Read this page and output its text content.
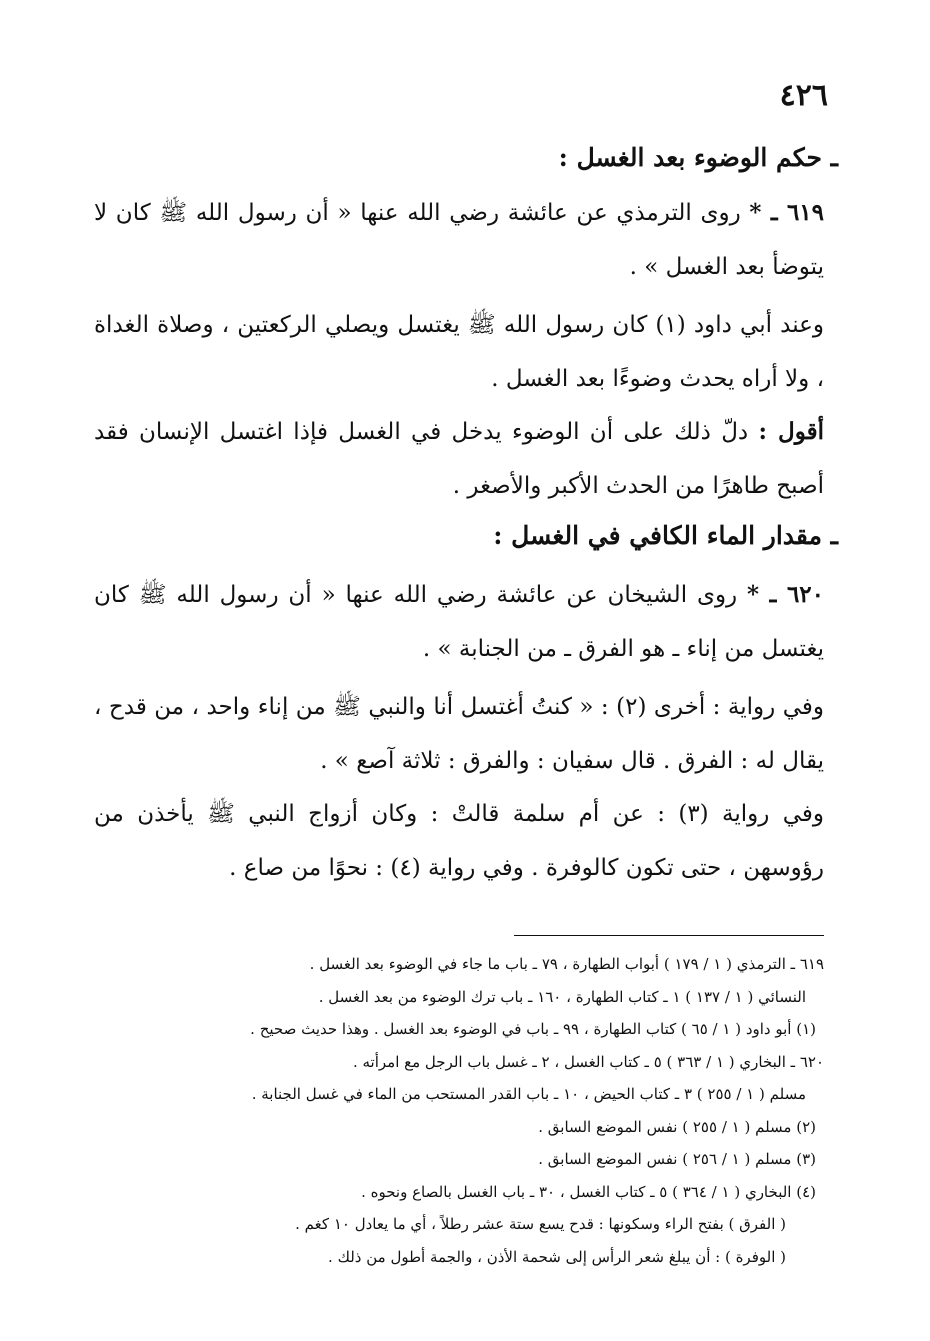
٤٢٦
ـ حكم الوضوء بعد الغسل :
٦١٩ ـ * روى الترمذي عن عائشة رضي الله عنها « أن رسول الله ﷺ كان لا يتوضأ بعد الغسل » .
وعند أبي داود (١) كان رسول الله ﷺ يغتسل ويصلي الركعتين ، وصلاة الغداة ، ولا أراه يحدث وضوءًا بعد الغسل .
أقول : دلّ ذلك على أن الوضوء يدخل في الغسل فإذا اغتسل الإنسان فقد أصبح طاهرًا من الحدث الأكبر والأصغر .
ـ مقدار الماء الكافي في الغسل :
٦٢٠ ـ * روى الشيخان عن عائشة رضي الله عنها « أن رسول الله ﷺ كان يغتسل من إناء ـ هو الفرق ـ من الجنابة » .
وفي رواية : أخرى (٢) : « كنتُ أغتسل أنا والنبي ﷺ من إناء واحد ، من قدح ، يقال له : الفرق . قال سفيان : والفرق : ثلاثة آصع » .
وفي رواية (٣) : عن أم سلمة قالتْ : وكان أزواج النبي ﷺ يأخذن من رؤوسهن ، حتى تكون كالوفرة . وفي رواية (٤) : نحوًا من صاع .
٦١٩ ـ الترمذي ( ١ / ١٧٩ ) أبواب الطهارة ، ٧٩ ـ باب ما جاء في الوضوء بعد الغسل .
النسائي ( ١ / ١٣٧ ) ١ ـ كتاب الطهارة ، ١٦٠ ـ باب ترك الوضوء من بعد الغسل .
(١) أبو داود ( ١ / ٦٥ ) كتاب الطهارة ، ٩٩ ـ باب في الوضوء بعد الغسل . وهذا حديث صحيح .
٦٢٠ ـ البخاري ( ١ / ٣٦٣ ) ٥ ـ كتاب الغسل ، ٢ ـ غسل باب الرجل مع امرأته .
مسلم ( ١ / ٢٥٥ ) ٣ ـ كتاب الحيض ، ١٠ ـ باب القدر المستحب من الماء في غسل الجنابة .
(٢) مسلم ( ١ / ٢٥٥ ) نفس الموضع السابق .
(٣) مسلم ( ١ / ٢٥٦ ) نفس الموضع السابق .
(٤) البخاري ( ١ / ٣٦٤ ) ٥ ـ كتاب الغسل ، ٣٠ ـ باب الغسل بالصاع ونحوه .
( الفرق ) بفتح الراء وسكونها : قدح يسع ستة عشر رطلاً ، أي ما يعادل ١٠ كغم .
( الوفرة ) : أن يبلغ شعر الرأس إلى شحمة الأذن ، والجمة أطول من ذلك .
